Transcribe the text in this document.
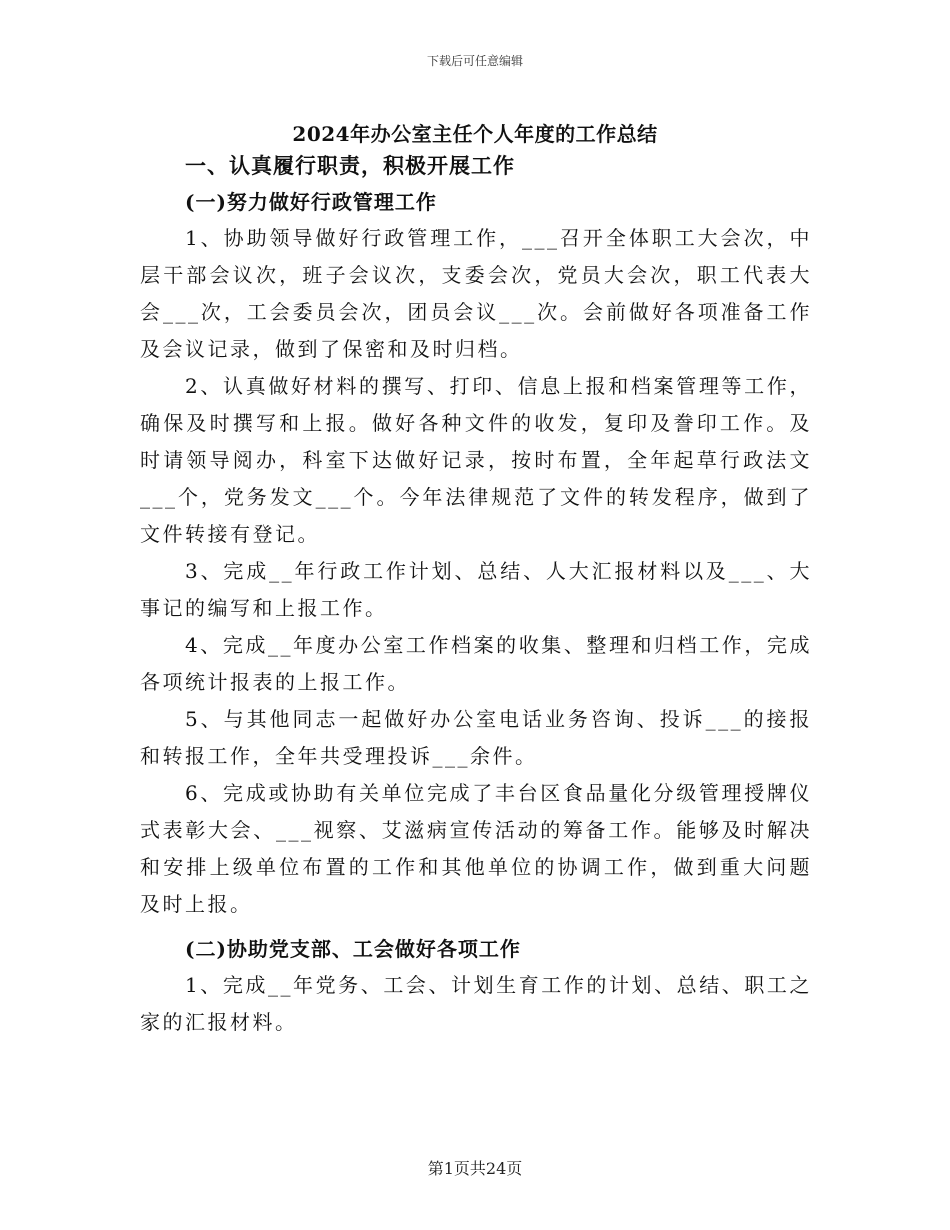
下载后可任意编辑
2024年办公室主任个人年度的工作总结

一、认真履行职责，积极开展工作

(一)努力做好行政管理工作

1、协助领导做好行政管理工作，___召开全体职工大会次，中层干部会议次，班子会议次，支委会次，党员大会次，职工代表大会___次，工会委员会次，团员会议___次。会前做好各项准备工作及会议记录，做到了保密和及时归档。

2、认真做好材料的撰写、打印、信息上报和档案管理等工作，确保及时撰写和上报。做好各种文件的收发，复印及誊印工作。及时请领导阅办，科室下达做好记录，按时布置，全年起草行政法文___个，党务发文___个。今年法律规范了文件的转发程序，做到了文件转接有登记。

3、完成__年行政工作计划、总结、人大汇报材料以及___、大事记的编写和上报工作。

4、完成__年度办公室工作档案的收集、整理和归档工作，完成各项统计报表的上报工作。

5、与其他同志一起做好办公室电话业务咨询、投诉___的接报和转报工作，全年共受理投诉___余件。

6、完成或协助有关单位完成了丰台区食品量化分级管理授牌仪式表彰大会、___视察、艾滋病宣传活动的筹备工作。能够及时解决和安排上级单位布置的工作和其他单位的协调工作，做到重大问题及时上报。

(二)协助党支部、工会做好各项工作

1、完成__年党务、工会、计划生育工作的计划、总结、职工之家的汇报材料。

第1页共24页
